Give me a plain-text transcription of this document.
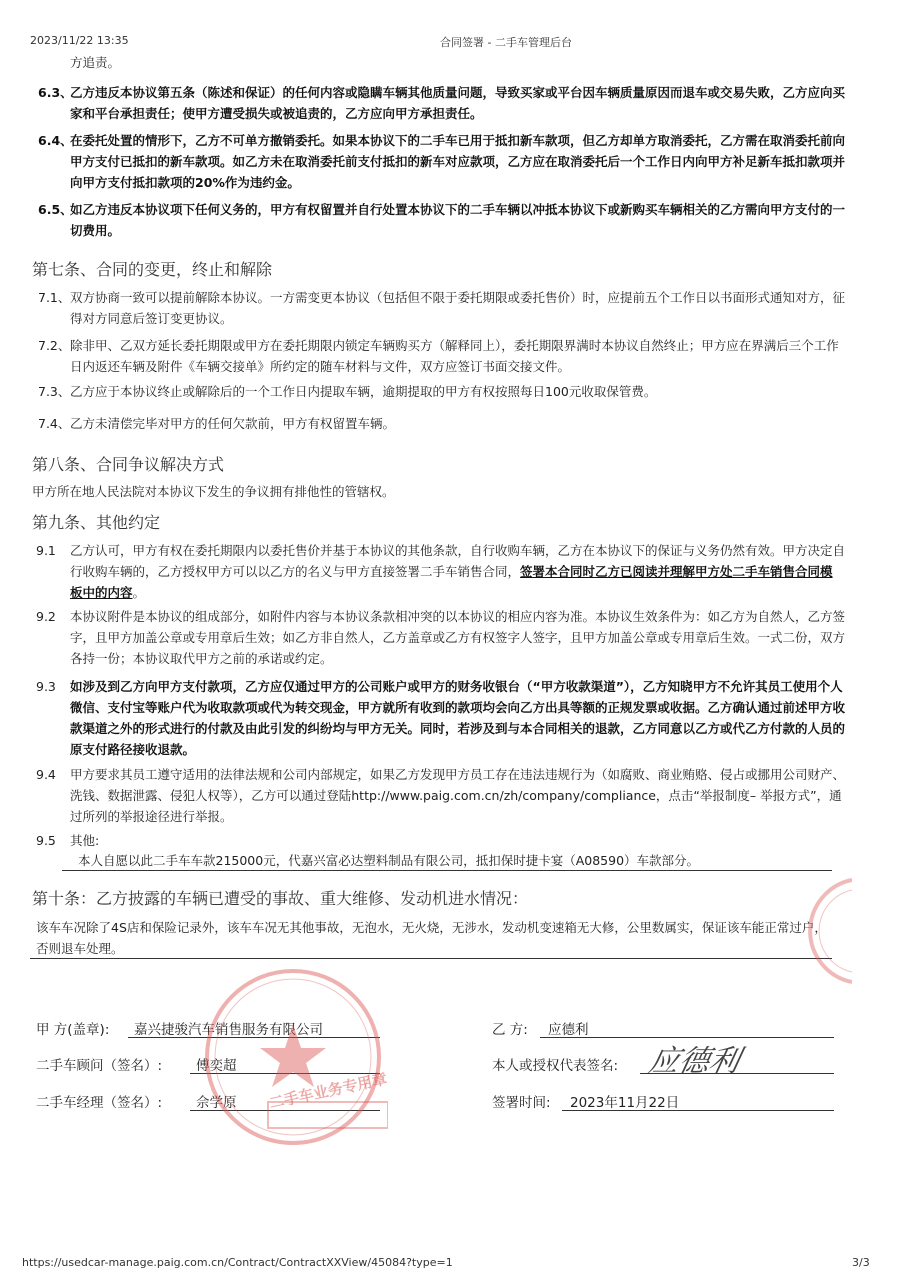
2023/11/22 13:35	合同签署 - 二手车管理后台
https://usedcar-manage.paig.com.cn/Contract/ContractXXView/45084?type=1	3/3

方追责。

6.3、

乙方违反本协议第五条（陈述和保证）的任何内容或隐瞒车辆其他质量问题，导致买家或平台因车辆质量原因而退车或交易失败，乙方应向买家和平台承担责任；使甲方遭受损失或被追责的，乙方应向甲方承担责任。

6.4、

在委托处置的情形下，乙方不可单方撤销委托。如果本协议下的二手车已用于抵扣新车款项，但乙方却单方取消委托，乙方需在取消委托前向甲方支付已抵扣的新车款项。如乙方未在取消委托前支付抵扣的新车对应款项，乙方应在取消委托后一个工作日内向甲方补足新车抵扣款项并向甲方支付抵扣款项的20%作为违约金。

6.5、

如乙方违反本协议项下任何义务的，甲方有权留置并自行处置本协议下的二手车辆以冲抵本协议下或新购买车辆相关的乙方需向甲方支付的一切费用。

第七条、合同的变更，终止和解除
7.1、 双方协商一致可以提前解除本协议。一方需变更本协议（包括但不限于委托期限或委托售价）时，应提前五个工作日以书面形式通知对方，征得对方同意后签订变更协议。

7.2、 除非甲、乙双方延长委托期限或甲方在委托期限内锁定车辆购买方（解释同上），委托期限界满时本协议自然终止；甲方应在界满后三个工作日内返还车辆及附件《车辆交接单》所约定的随车材料与文件，双方应签订书面交接文件。

7.3、 乙方应于本协议终止或解除后的一个工作日内提取车辆，逾期提取的甲方有权按照每日100元收取保管费。

7.4、 乙方未清偿完毕对甲方的任何欠款前，甲方有权留置车辆。

第八条、合同争议解决方式

甲方所在地人民法院对本协议下发生的争议拥有排他性的管辖权。

第九条、其他约定
9.1 乙方认可，甲方有权在委托期限内以委托售价并基于本协议的其他条款，自行收购车辆，乙方在本协议下的保证与义务仍然有效。甲方决定自行收购车辆的，乙方授权甲方可以以乙方的名义与甲方直接签署二手车销售合同，签署本合同时乙方已阅读并理解甲方处二手车销售合同模板中的内容。

9.2 本协议附件是本协议的组成部分，如附件内容与本协议条款相冲突的以本协议的相应内容为准。本协议生效条件为：如乙方为自然人，乙方签字，且甲方加盖公章或专用章后生效；如乙方非自然人，乙方盖章或乙方有权签字人签字，且甲方加盖公章或专用章后生效。一式二份，双方各持一份；本协议取代甲方之前的承诺或约定。

9.3 如涉及到乙方向甲方支付款项，乙方应仅通过甲方的公司账户或甲方的财务收银台（“甲方收款渠道”），乙方知晓甲方不允许其员工使用个人微信、支付宝等账户代为收取款项或代为转交现金，甲方就所有收到的款项均会向乙方出具等额的正规发票或收据。乙方确认通过前述甲方收款渠道之外的形式进行的付款及由此引发的纠纷均与甲方无关。同时，若涉及到与本合同相关的退款，乙方同意以乙方或代乙方付款的人员的原支付路径接收退款。

9.4 甲方要求其员工遵守适用的法律法规和公司内部规定，如果乙方发现甲方员工存在违法违规行为（如腐败、商业贿赂、侵占或挪用公司财产、洗钱、数据泄露、侵犯人权等），乙方可以通过登陆http://www.paig.com.cn/zh/company/compliance，点击“举报制度– 举报方式”，通过所列的举报途径进行举报。

9.5 其他:

本人自愿以此二手车车款215000元，代嘉兴富必达塑料制品有限公司，抵扣保时捷卡宴（A08590）车款部分。

第十条：乙方披露的车辆已遭受的事故、重大维修、发动机进水情况：

该车车况除了4S店和保险记录外，该车车况无其他事故，无泡水，无火烧，无涉水，发动机变速箱无大修，公里数属实，保证该车能正常过户，否则退车处理。

甲 方(盖章): 嘉兴捷骏汽车销售服务有限公司
二手车顾问（签名）:	傅奕超
二手车经理（签名）:	佘学原
乙 方: 应德利
本人或授权代表签名: 应德利
签署时间: 2023年11月22日
二手车业务专用章
